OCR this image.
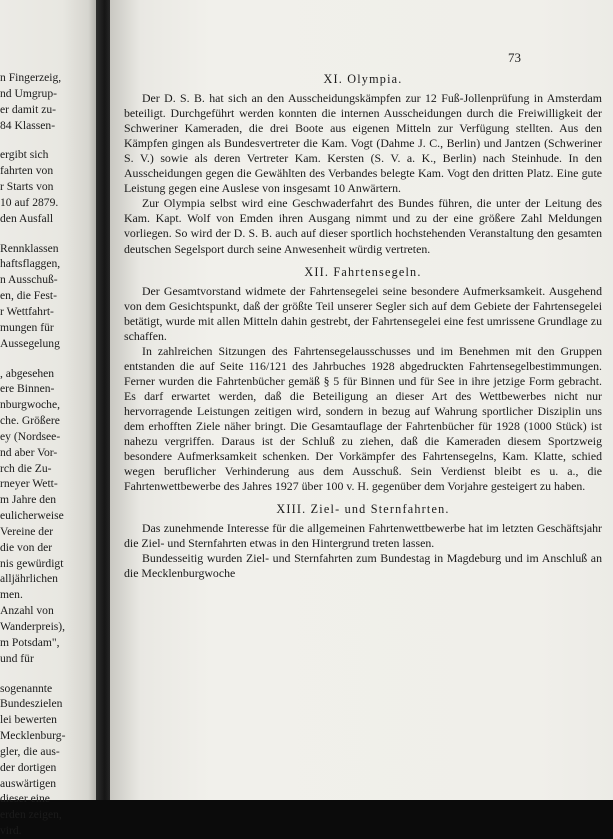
n Fingerzeig,
nd Umgrup-
er damit zu-
84 Klassen-
ergibt sich
fahrten von
r Starts von
10 auf 2879.
den Ausfall
Rennklassen
haftsflaggen,
n Ausschuß-
en, die Fest-
r Wettfahrt-
mungen für
Aussegelung
, abgesehen
ere Binnen-
nburgwoche,
che. Größere
ey (Nordsee-
nd aber Vor-
rch die Zu-
rneyer Wett-
m Jahre den
eulicherweise
Vereine der
die von der
nis gewürdigt
alljährlichen
men.
Anzahl von
Wanderpreis),
m Potsdam",
und für
sogenannte
Bundeszielen
lei bewerten
Mecklenburg-
gler, die aus-
der dortigen
auswärtigen
dieser eine
erden zeigen,
vird.
73
XI. Olympia.

Der D. S. B. hat sich an den Ausscheidungskämpfen zur 12 Fuß-Jollenprüfung in Amsterdam beteiligt. Durchgeführt werden konnten die internen Ausscheidungen durch die Freiwilligkeit der Schweriner Kameraden, die drei Boote aus eigenen Mitteln zur Verfügung stellten. Aus den Kämpfen gingen als Bundesvertreter die Kam. Vogt (Dahme J. C., Berlin) und Jantzen (Schweriner S. V.) sowie als deren Vertreter Kam. Kersten (S. V. a. K., Berlin) nach Steinhude. In den Ausscheidungen gegen die Gewählten des Verbandes belegte Kam. Vogt den dritten Platz. Eine gute Leistung gegen eine Auslese von insgesamt 10 Anwärtern.

Zur Olympia selbst wird eine Geschwaderfahrt des Bundes führen, die unter der Leitung des Kam. Kapt. Wolf von Emden ihren Ausgang nimmt und zu der eine größere Zahl Meldungen vorliegen. So wird der D. S. B. auch auf dieser sportlich hochstehenden Veranstaltung den gesamten deutschen Segelsport durch seine Anwesenheit würdig vertreten.

XII. Fahrtensegeln.

Der Gesamtvorstand widmete der Fahrtensegelei seine besondere Aufmerksamkeit. Ausgehend von dem Gesichtspunkt, daß der größte Teil unserer Segler sich auf dem Gebiete der Fahrtensegelei betätigt, wurde mit allen Mitteln dahin gestrebt, der Fahrtensegelei eine fest umrissene Grundlage zu schaffen.

In zahlreichen Sitzungen des Fahrtensegelausschusses und im Benehmen mit den Gruppen entstanden die auf Seite 116/121 des Jahrbuches 1928 abgedruckten Fahrtensegelbestimmungen. Ferner wurden die Fahrtenbücher gemäß § 5 für Binnen und für See in ihre jetzige Form gebracht. Es darf erwartet werden, daß die Beteiligung an dieser Art des Wettbewerbes nicht nur hervorragende Leistungen zeitigen wird, sondern in bezug auf Wahrung sportlicher Disziplin uns dem erhofften Ziele näher bringt. Die Gesamtauflage der Fahrtenbücher für 1928 (1000 Stück) ist nahezu vergriffen. Daraus ist der Schluß zu ziehen, daß die Kameraden diesem Sportzweig besondere Aufmerksamkeit schenken. Der Vorkämpfer des Fahrtensegelns, Kam. Klatte, schied wegen beruflicher Verhinderung aus dem Ausschuß. Sein Verdienst bleibt es u. a., die Fahrtenwettbewerbe des Jahres 1927 über 100 v. H. gegenüber dem Vorjahre gesteigert zu haben.

XIII. Ziel- und Sternfahrten.

Das zunehmende Interesse für die allgemeinen Fahrtenwettbewerbe hat im letzten Geschäftsjahr die Ziel- und Sternfahrten etwas in den Hintergrund treten lassen.

Bundesseitig wurden Ziel- und Sternfahrten zum Bundestag in Magdeburg und im Anschluß an die Mecklenburgwoche
